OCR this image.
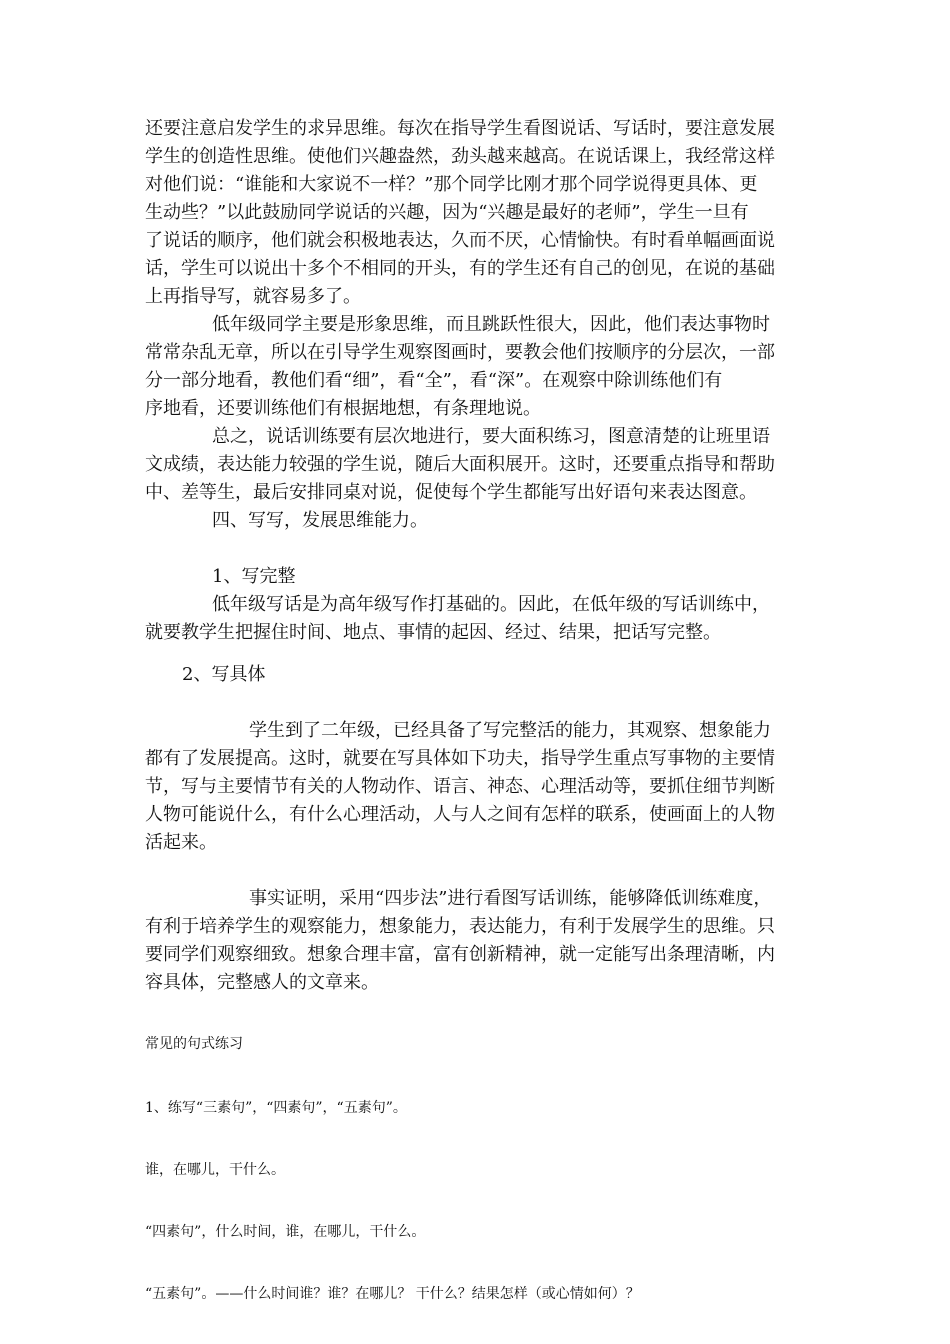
还要注意启发学生的求异思维。每次在指导学生看图说话、写话时，要注意发展
学生的创造性思维。使他们兴趣盎然，劲头越来越高。在说话课上，我经常这样
对他们说：“谁能和大家说不一样？”那个同学比刚才那个同学说得更具体、更
生动些？”以此鼓励同学说话的兴趣，因为“兴趣是最好的老师”，学生一旦有
了说话的顺序，他们就会积极地表达，久而不厌，心情愉快。有时看单幅画面说
话，学生可以说出十多个不相同的开头，有的学生还有自己的创见，在说的基础
上再指导写，就容易多了。
低年级同学主要是形象思维，而且跳跃性很大，因此，他们表达事物时
常常杂乱无章，所以在引导学生观察图画时，要教会他们按顺序的分层次，一部
分一部分地看，教他们看“细”，看“全”，看“深”。在观察中除训练他们有
序地看，还要训练他们有根据地想，有条理地说。
总之，说话训练要有层次地进行，要大面积练习，图意清楚的让班里语
文成绩，表达能力较强的学生说，随后大面积展开。这时，还要重点指导和帮助
中、差等生，最后安排同桌对说，促使每个学生都能写出好语句来表达图意。
四、写写，发展思维能力。
1、写完整
低年级写话是为高年级写作打基础的。因此，在低年级的写话训练中，
就要教学生把握住时间、地点、事情的起因、经过、结果，把话写完整。
2、写具体
学生到了二年级，已经具备了写完整活的能力，其观察、想象能力
都有了发展提高。这时，就要在写具体如下功夫，指导学生重点写事物的主要情
节，写与主要情节有关的人物动作、语言、神态、心理活动等，要抓住细节判断
人物可能说什么，有什么心理活动，人与人之间有怎样的联系，使画面上的人物
活起来。
事实证明，采用“四步法”进行看图写话训练，能够降低训练难度，
有利于培养学生的观察能力，想象能力，表达能力，有利于发展学生的思维。只
要同学们观察细致。想象合理丰富，富有创新精神，就一定能写出条理清晰，内
容具体，完整感人的文章来。
常见的句式练习
1、练写“三素句”，“四素句”，“五素句”。
谁，在哪儿，干什么。
“四素句”，什么时间，谁，在哪儿，干什么。
“五素句”。——什么时间谁？谁？在哪儿？ 干什么？结果怎样（或心情如何）？
